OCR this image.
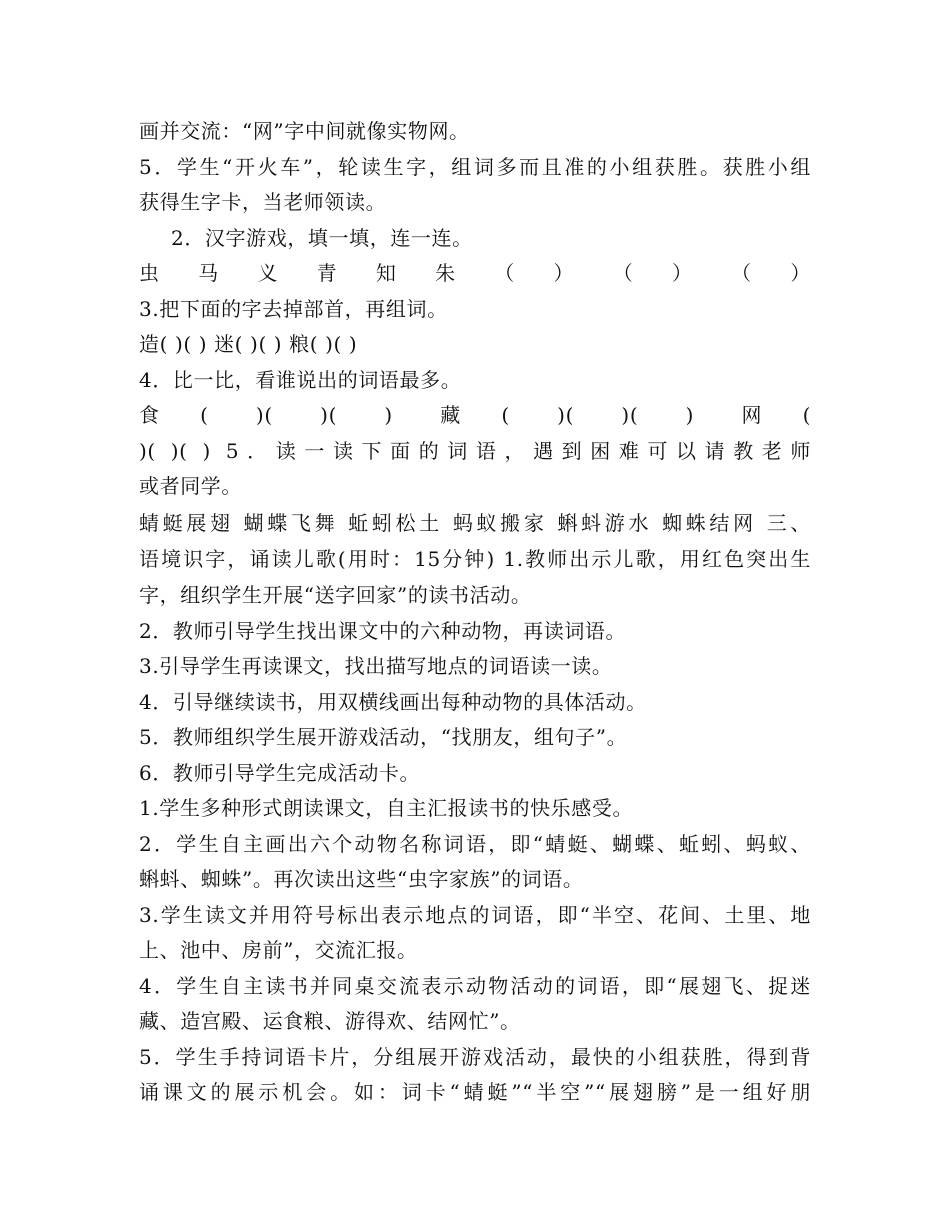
画并交流：“网”字中间就像实物网。
5．学生“开火车”，轮读生字，组词多而且准的小组获胜。获胜小组
获得生字卡，当老师领读。
2．汉字游戏，填一填，连一连。
虫 马 义 青 知 朱 （ ） （ ） （ ）
3.把下面的字去掉部首，再组词。
造( )( ) 迷( )( ) 粮( )( )
4．比一比，看谁说出的词语最多。
食( )( )( ) 藏( )( )( ) 网(
)( )( ) 5．读一读下面的词语，遇到困难可以请教老师
或者同学。
蜻蜓展翅 蝴蝶飞舞 蚯蚓松土 蚂蚁搬家 蝌蚪游水 蜘蛛结网 三、
语境识字，诵读儿歌(用时：15分钟) 1.教师出示儿歌，用红色突出生
字，组织学生开展“送字回家”的读书活动。
2．教师引导学生找出课文中的六种动物，再读词语。
3.引导学生再读课文，找出描写地点的词语读一读。
4．引导继续读书，用双横线画出每种动物的具体活动。
5．教师组织学生展开游戏活动，“找朋友，组句子”。
6．教师引导学生完成活动卡。
1.学生多种形式朗读课文，自主汇报读书的快乐感受。
2．学生自主画出六个动物名称词语，即“蜻蜓、蝴蝶、蚯蚓、蚂蚁、
蝌蚪、蜘蛛”。再次读出这些“虫字家族”的词语。
3.学生读文并用符号标出表示地点的词语，即“半空、花间、土里、地
上、池中、房前”，交流汇报。
4．学生自主读书并同桌交流表示动物活动的词语，即“展翅飞、捉迷
藏、造宫殿、运食粮、游得欢、结网忙”。
5．学生手持词语卡片，分组展开游戏活动，最快的小组获胜，得到背
诵课文的展示机会。如：词卡“蜻蜓”“半空”“展翅膀”是一组好朋
